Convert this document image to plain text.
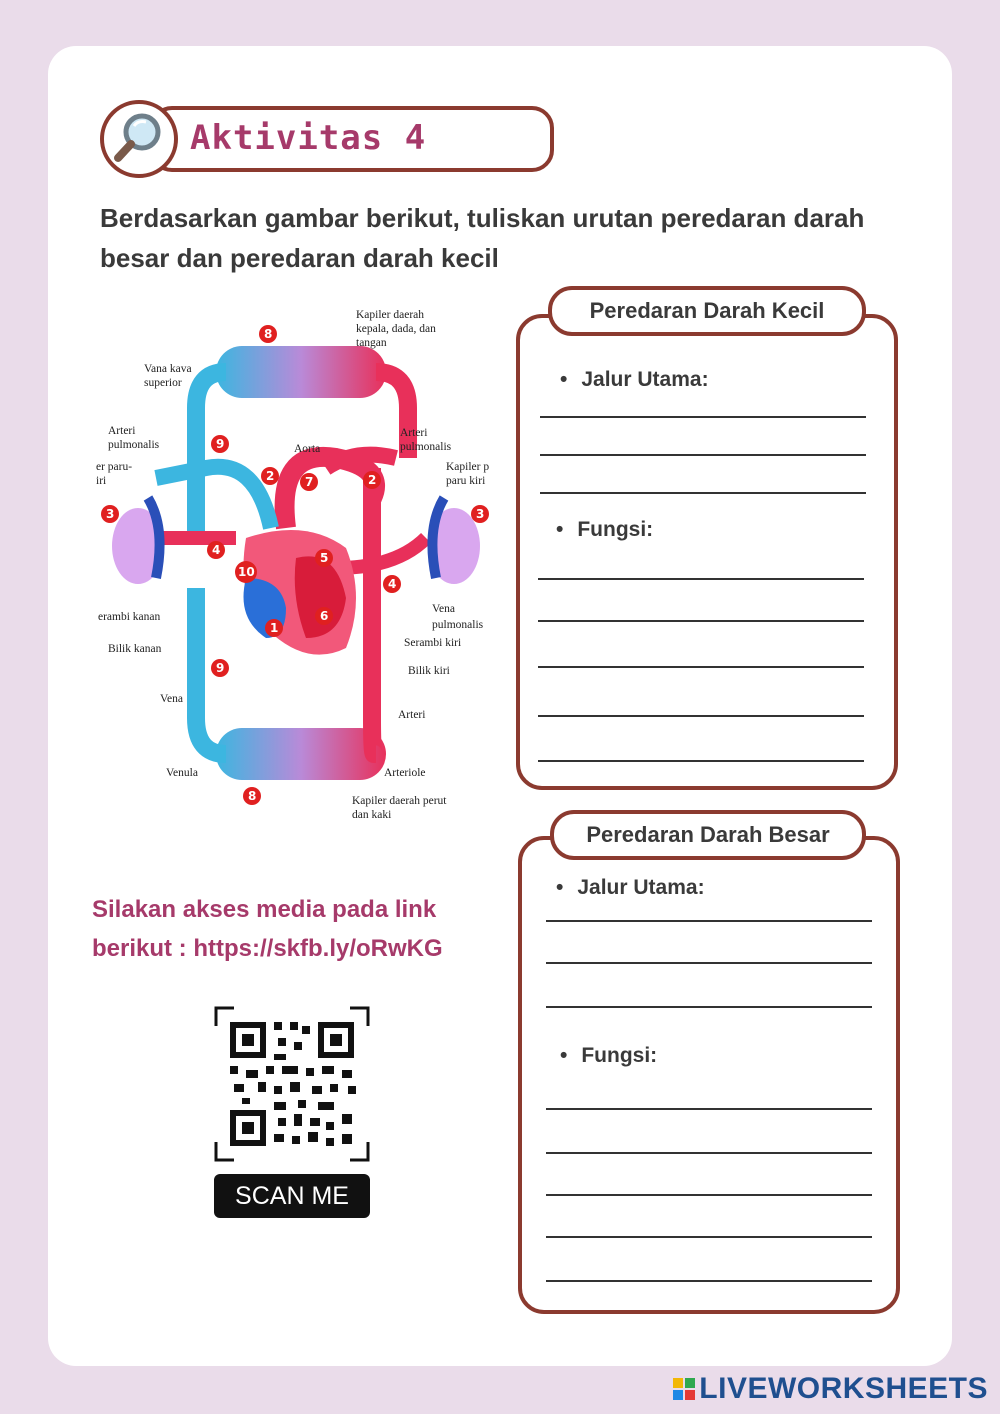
Aktivitas 4
Berdasarkan gambar berikut, tuliskan urutan peredaran darah besar dan peredaran darah kecil
8
9
2	7	2
3
4
10
5
4
3
1
6
9
8
Kapiler daerah
kepala, dada, dan
tangan
Vana kava
superior
Arteri
pulmonalis	Aorta
Arteri
pulmonalis
er paru-
iri
Kapiler p
paru kiri
erambi kanan
Bilik kanan
Vena
pulmonalis
Serambi kiri
Bilik kiri
Vena
Arteri
Venula	Arteriole
Kapiler daerah perut
dan kaki
Peredaran Darah Kecil
• Jalur Utama:
• Fungsi:
Peredaran Darah Besar
• Jalur Utama:
• Fungsi:
Silakan akses media pada link berikut : https://skfb.ly/oRwKG
SCAN ME
LIVEWORKSHEETS
